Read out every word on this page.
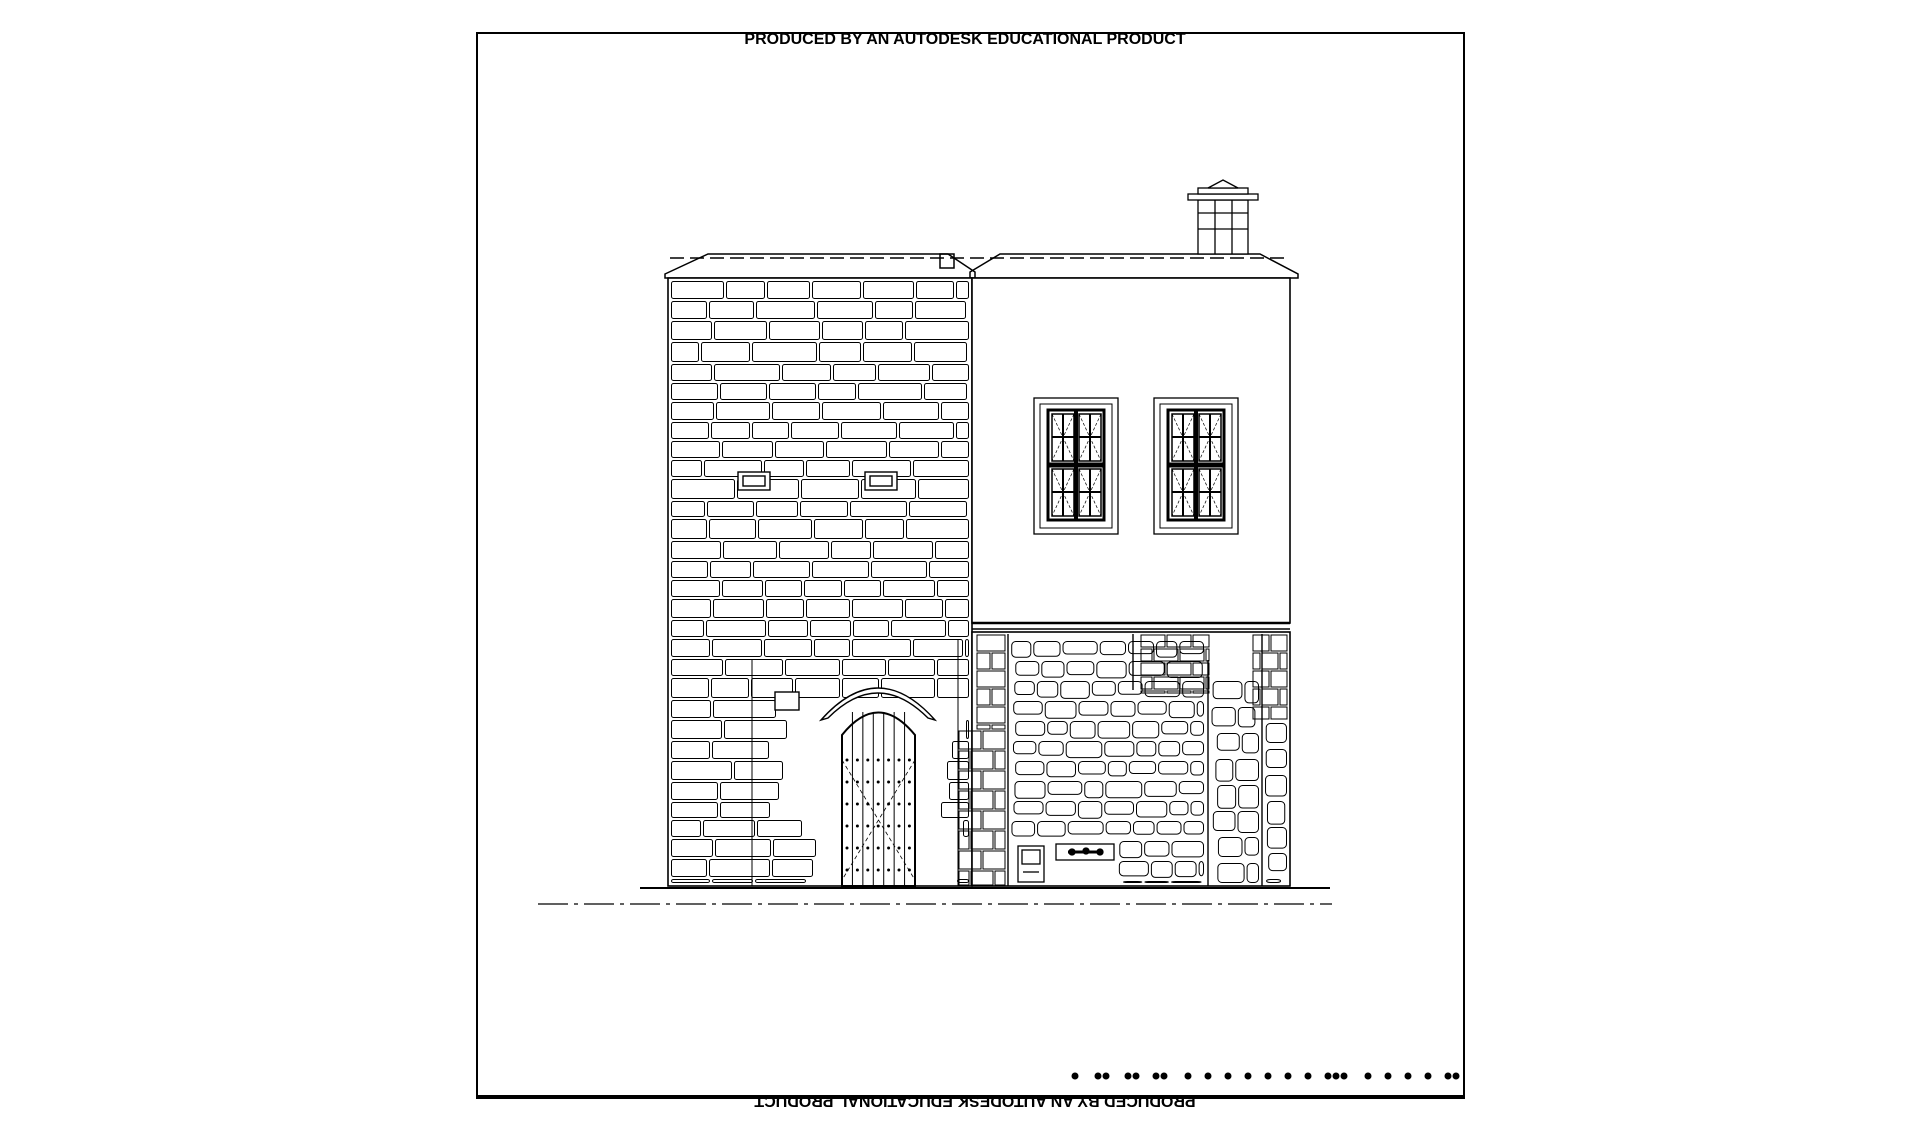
PRODUCED BY AN AUTODESK EDUCATIONAL PRODUCT
PRODUCED BY AN AUTODESK EDUCATIONAL PRODUCT
